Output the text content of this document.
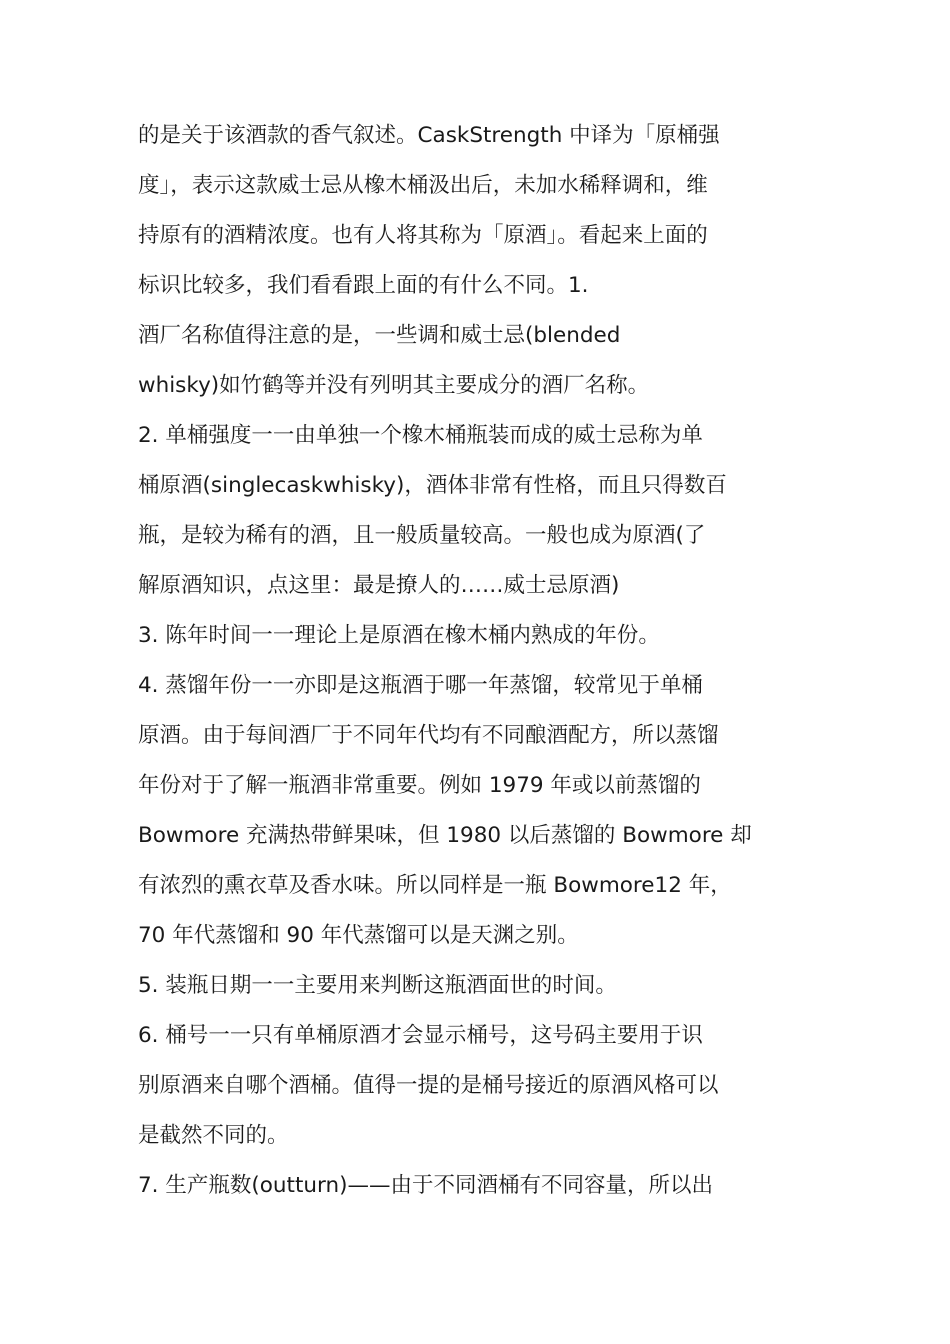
的是关于该酒款的香气叙述。CaskStrength 中译为「原桶强
度」，表示这款威士忌从橡木桶汲出后，未加水稀释调和，维
持原有的酒精浓度。也有人将其称为「原酒」。看起来上面的
标识比较多，我们看看跟上面的有什么不同。1.
酒厂名称值得注意的是，一些调和威士忌(blended
whisky)如竹鹤等并没有列明其主要成分的酒厂名称。
2. 单桶强度一一由单独一个橡木桶瓶装而成的威士忌称为单
桶原酒(singlecaskwhisky)，酒体非常有性格，而且只得数百
瓶，是较为稀有的酒，且一般质量较高。一般也成为原酒(了
解原酒知识，点这里：最是撩人的……威士忌原酒)
3. 陈年时间一一理论上是原酒在橡木桶内熟成的年份。
4. 蒸馏年份一一亦即是这瓶酒于哪一年蒸馏，较常见于单桶
原酒。由于每间酒厂于不同年代均有不同酿酒配方，所以蒸馏
年份对于了解一瓶酒非常重要。例如 1979 年或以前蒸馏的
Bowmore 充满热带鲜果味，但 1980 以后蒸馏的 Bowmore 却
有浓烈的熏衣草及香水味。所以同样是一瓶 Bowmore12 年，
70 年代蒸馏和 90 年代蒸馏可以是天渊之别。
5. 装瓶日期一一主要用来判断这瓶酒面世的时间。
6. 桶号一一只有单桶原酒才会显示桶号，这号码主要用于识
别原酒来自哪个酒桶。值得一提的是桶号接近的原酒风格可以
是截然不同的。
7. 生产瓶数(outturn)——由于不同酒桶有不同容量，所以出
